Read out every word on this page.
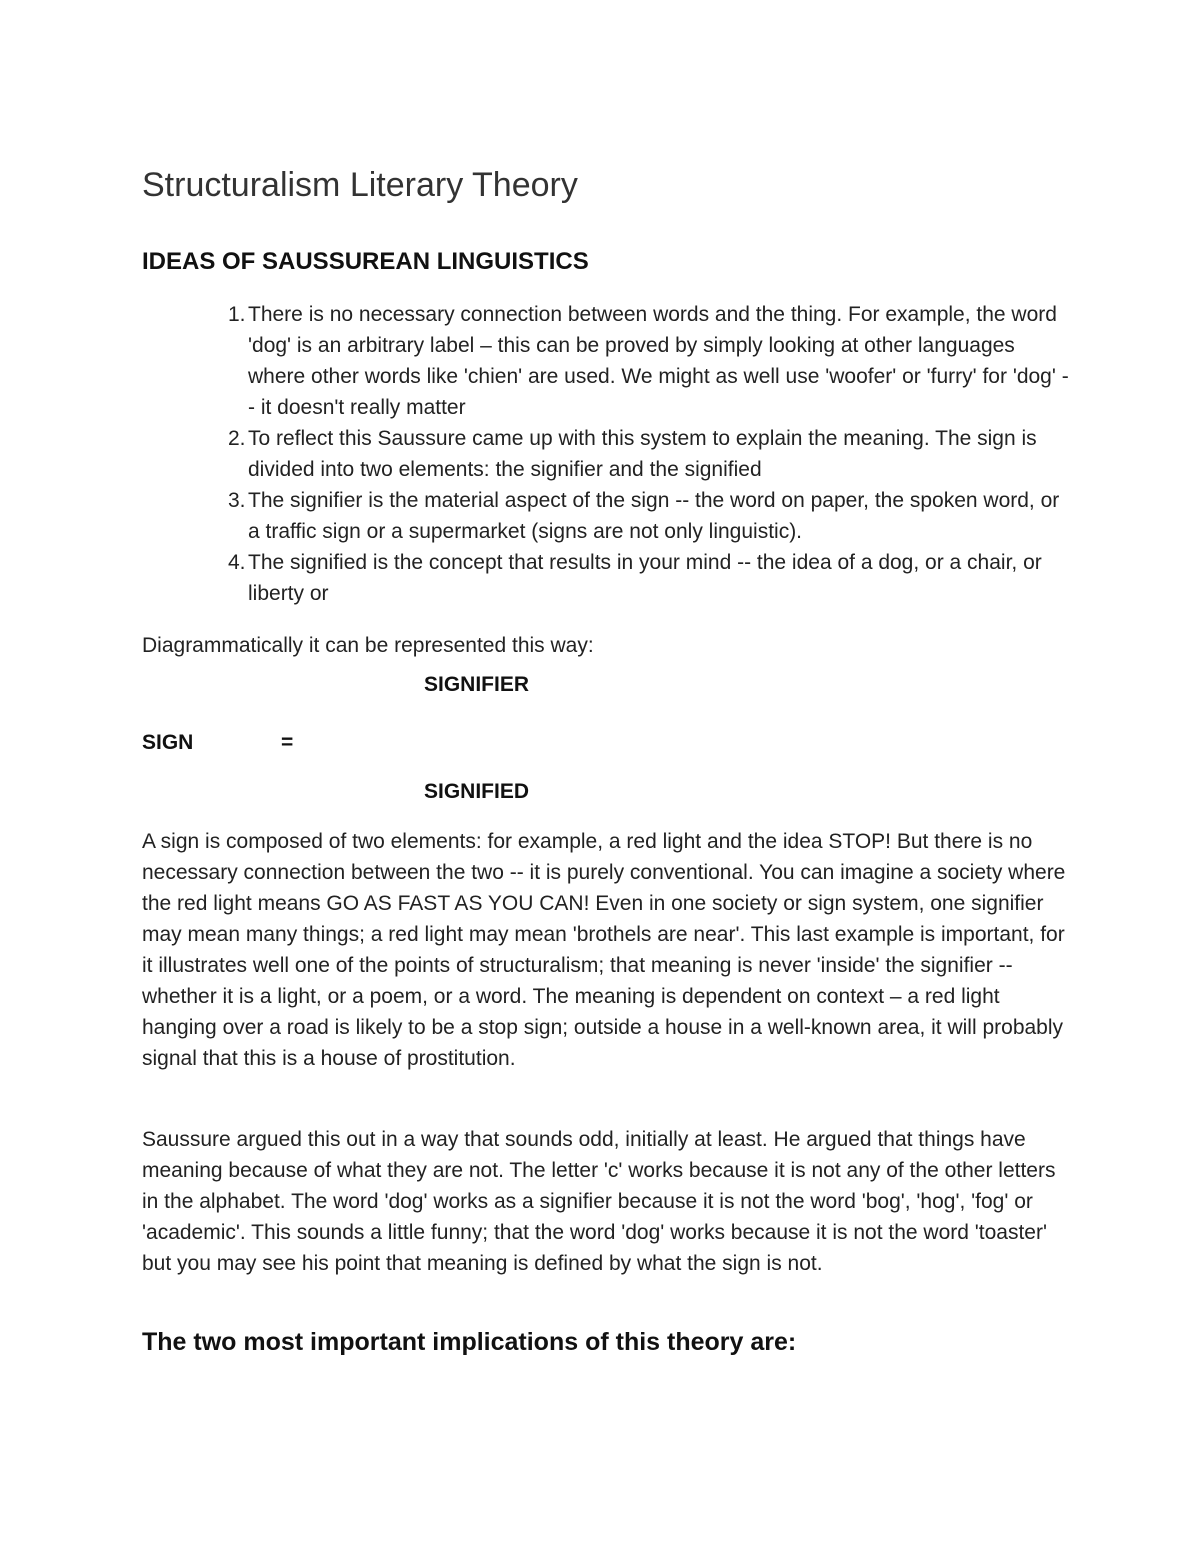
Structuralism Literary Theory
IDEAS OF SAUSSUREAN LINGUISTICS
1. There is no necessary connection between words and the thing. For example, the word 'dog' is an arbitrary label – this can be proved by simply looking at other languages where other words like 'chien' are used. We might as well use 'woofer' or 'furry' for 'dog' -- it doesn't really matter
2. To reflect this Saussure came up with this system to explain the meaning. The sign is divided into two elements: the signifier and the signified
3. The signifier is the material aspect of the sign -- the word on paper, the spoken word, or a traffic sign or a supermarket (signs are not only linguistic).
4. The signified is the concept that results in your mind -- the idea of a dog, or a chair, or liberty or

Diagrammatically it can be represented this way:

SIGNIFIER

SIGN	=

SIGNIFIED

A sign is composed of two elements: for example, a red light and the idea STOP! But there is no necessary connection between the two -- it is purely conventional. You can imagine a society where the red light means GO AS FAST AS YOU CAN! Even in one society or sign system, one signifier may mean many things; a red light may mean 'brothels are near'. This last example is important, for it illustrates well one of the points of structuralism; that meaning is never 'inside' the signifier -- whether it is a light, or a poem, or a word. The meaning is dependent on context – a red light hanging over a road is likely to be a stop sign; outside a house in a well-known area, it will probably signal that this is a house of prostitution.

Saussure argued this out in a way that sounds odd, initially at least. He argued that things have meaning because of what they are not. The letter 'c' works because it is not any of the other letters in the alphabet. The word 'dog' works as a signifier because it is not the word 'bog', 'hog', 'fog' or 'academic'. This sounds a little funny; that the word 'dog' works because it is not the word 'toaster' but you may see his point that meaning is defined by what the sign is not.

The two most important implications of this theory are:
